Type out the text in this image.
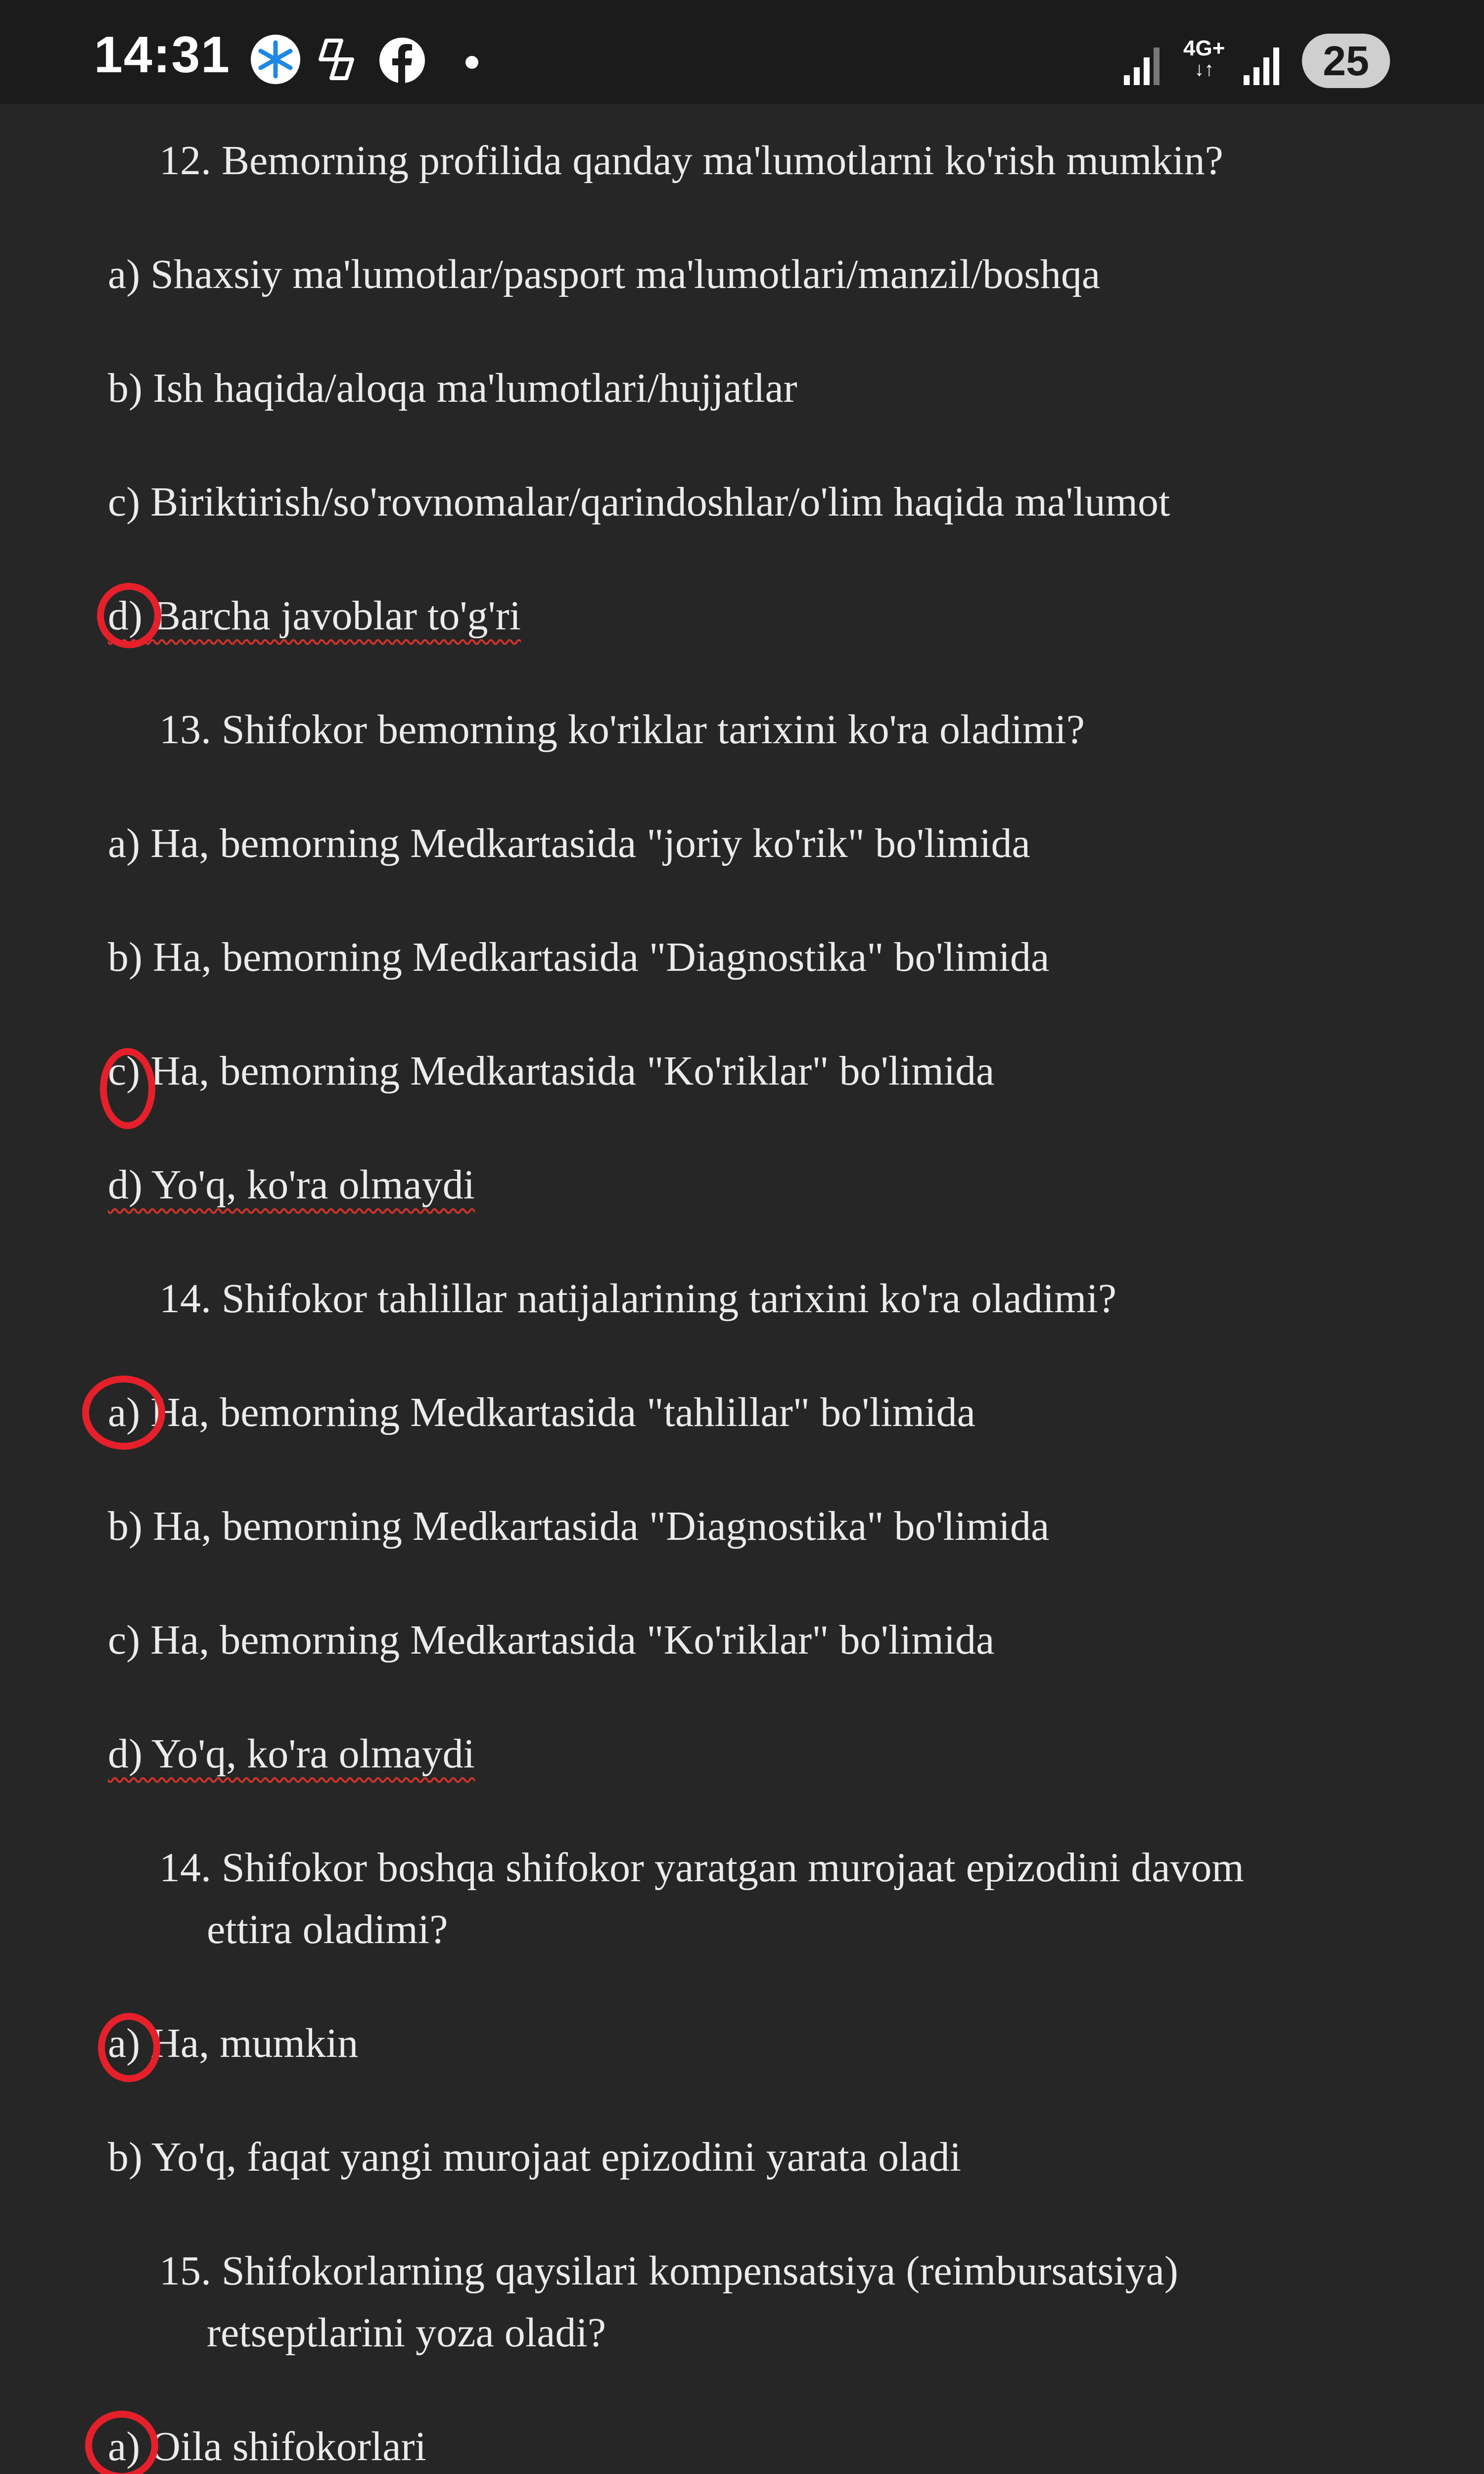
14:31	4G+
↓↑	25
12. Bemorning profilida qanday ma'lumotlarni ko'rish mumkin?
a) Shaxsiy ma'lumotlar/pasport ma'lumotlari/manzil/boshqa
b) Ish haqida/aloqa ma'lumotlari/hujjatlar
c) Biriktirish/so'rovnomalar/qarindoshlar/o'lim haqida ma'lumot
d) Barcha javoblar to'g'ri
13. Shifokor bemorning ko'riklar tarixini ko'ra oladimi?
a) Ha, bemorning Medkartasida "joriy ko'rik" bo'limida
b) Ha, bemorning Medkartasida "Diagnostika" bo'limida
c) Ha, bemorning Medkartasida "Ko'riklar" bo'limida
d) Yo'q, ko'ra olmaydi
14. Shifokor tahlillar natijalarining tarixini ko'ra oladimi?
a) Ha, bemorning Medkartasida "tahlillar" bo'limida
b) Ha, bemorning Medkartasida "Diagnostika" bo'limida
c) Ha, bemorning Medkartasida "Ko'riklar" bo'limida
d) Yo'q, ko'ra olmaydi
14. Shifokor boshqa shifokor yaratgan murojaat epizodini davom
ettira oladimi?
a) Ha, mumkin
b) Yo'q, faqat yangi murojaat epizodini yarata oladi
15. Shifokorlarning qaysilari kompensatsiya (reimbursatsiya)
retseptlarini yoza oladi?
a) Oila shifokorlari
